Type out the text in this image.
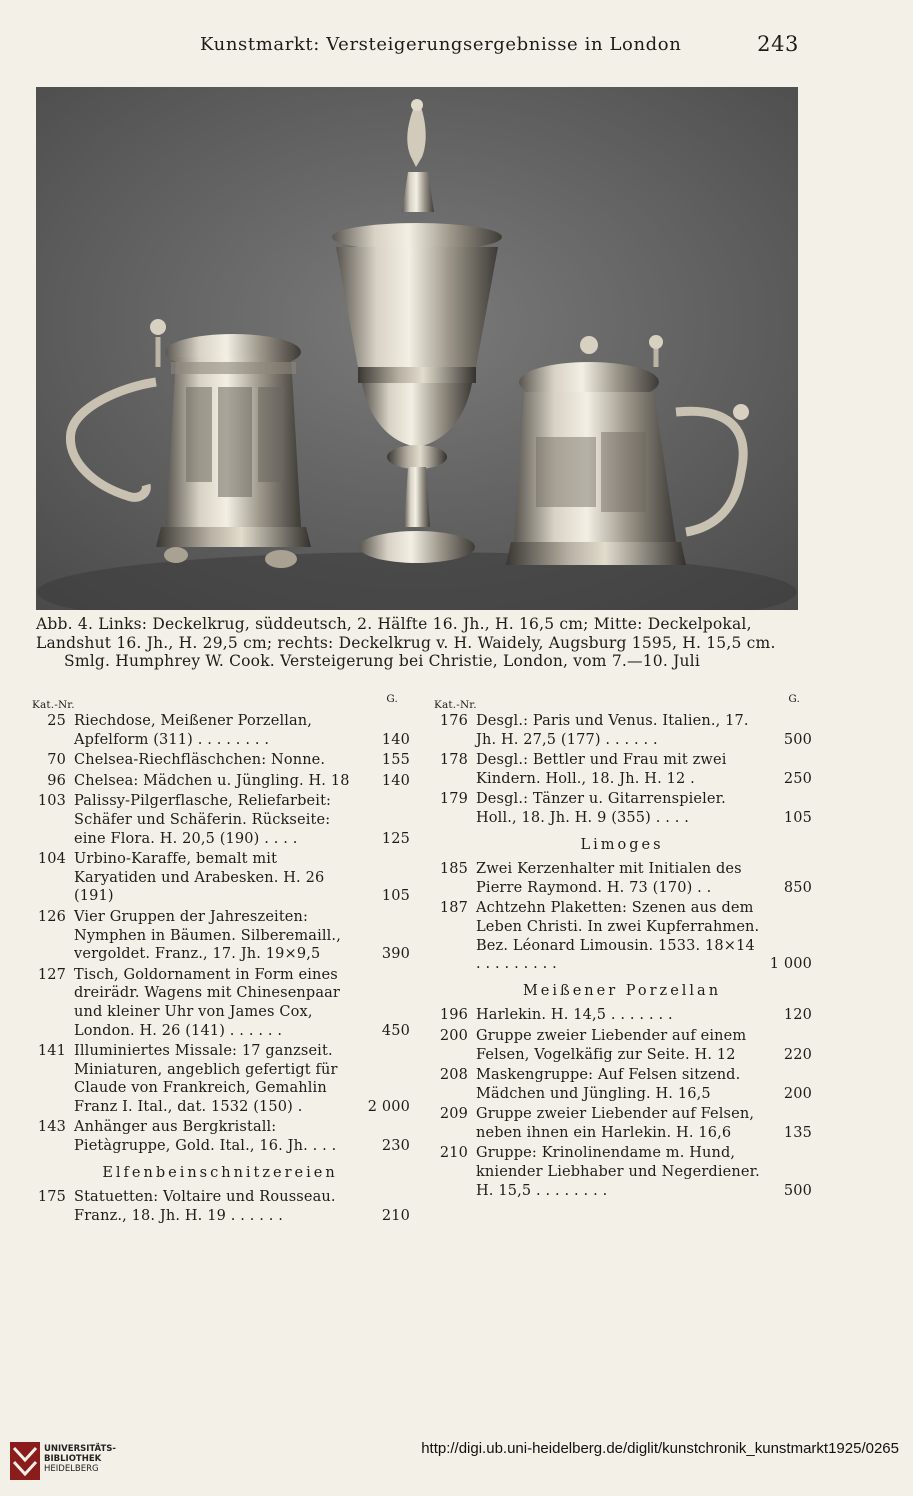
Kunstmarkt: Versteigerungsergebnisse in London	243

Abb. 4. Links: Deckelkrug, süddeutsch, 2. Hälfte 16. Jh., H. 16,5 cm; Mitte: Deckelpokal,

Landshut 16. Jh., H. 29,5 cm; rechts: Deckelkrug v. H. Waidely, Augsburg 1595, H. 15,5 cm.

Smlg. Humphrey W. Cook. Versteigerung bei Christie, London, vom 7.—10. Juli

Kat.-Nr.	G.
25 Riechdose, Meißener Porzellan, Apfelform (311) . . . . . . . .	140
70 Chelsea-Riechfläschchen: Nonne.	155
96 Chelsea: Mädchen u. Jüngling. H. 18	140
103 Palissy-Pilgerflasche, Reliefarbeit: Schäfer und Schäferin. Rückseite: eine Flora. H. 20,5 (190) . . . .	125
104 Urbino-Karaffe, bemalt mit Karyatiden und Arabesken. H. 26 (191)	105
126 Vier Gruppen der Jahreszeiten: Nymphen in Bäumen. Silberemaill., vergoldet. Franz., 17. Jh. 19×9,5	390
127 Tisch, Goldornament in Form eines dreirädr. Wagens mit Chinesenpaar und kleiner Uhr von James Cox, London. H. 26 (141) . . . . . .	450
141 Illuminiertes Missale: 17 ganzseit. Miniaturen, angeblich gefertigt für Claude von Frankreich, Gemahlin Franz I. Ital., dat. 1532 (150) .	2 000
143 Anhänger aus Bergkristall: Pietàgruppe, Gold. Ital., 16. Jh. . . .	230
Elfenbeinschnitzereien
175 Statuetten: Voltaire und Rousseau. Franz., 18. Jh. H. 19 . . . . . .	210
Kat.-Nr.	G.
176 Desgl.: Paris und Venus. Italien., 17. Jh. H. 27,5 (177) . . . . . .	500
178 Desgl.: Bettler und Frau mit zwei Kindern. Holl., 18. Jh. H. 12 .	250
179 Desgl.: Tänzer u. Gitarrenspieler. Holl., 18. Jh. H. 9 (355) . . . .	105
Limoges
185 Zwei Kerzenhalter mit Initialen des Pierre Raymond. H. 73 (170) . .	850
187 Achtzehn Plaketten: Szenen aus dem Leben Christi. In zwei Kupferrahmen. Bez. Léonard Limousin. 1533. 18×14 . . . . . . . . .	1 000
Meißener Porzellan
196 Harlekin. H. 14,5 . . . . . . .	120
200 Gruppe zweier Liebender auf einem Felsen, Vogelkäfig zur Seite. H. 12	220
208 Maskengruppe: Auf Felsen sitzend. Mädchen und Jüngling. H. 16,5	200
209 Gruppe zweier Liebender auf Felsen, neben ihnen ein Harlekin. H. 16,6	135
210 Gruppe: Krinolinendame m. Hund, kniender Liebhaber und Negerdiener. H. 15,5 . . . . . . . .	500
UNIVERSITÄTS-
BIBLIOTHEK
HEIDELBERG
http://digi.ub.uni-heidelberg.de/diglit/kunstchronik_kunstmarkt1925/0265
